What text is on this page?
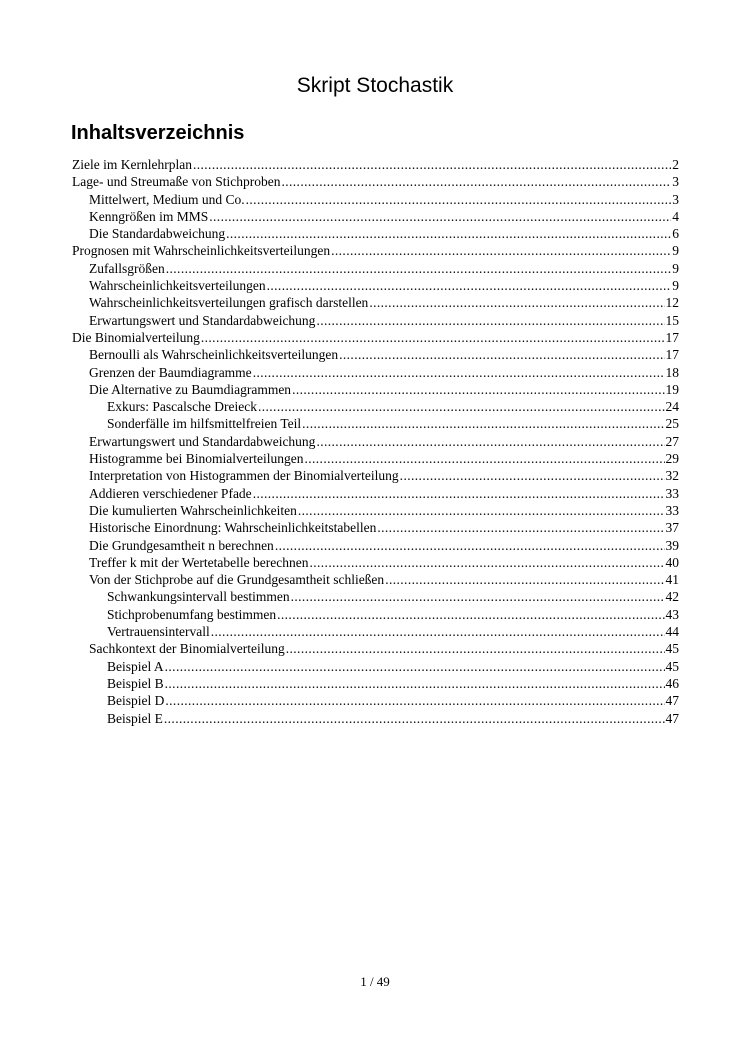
Skript Stochastik
Inhaltsverzeichnis
Ziele im Kernlehrplan .....	2
Lage- und Streumaße von Stichproben .....	3
Mittelwert, Medium und Co. .....	3
Kenngrößen im MMS .....	4
Die Standardabweichung .....	6
Prognosen mit Wahrscheinlichkeitsverteilungen .....	9
Zufallsgrößen .....	9
Wahrscheinlichkeitsverteilungen .....	9
Wahrscheinlichkeitsverteilungen grafisch darstellen .....	12
Erwartungswert und Standardabweichung .....	15
Die Binomialverteilung .....	17
Bernoulli als Wahrscheinlichkeitsverteilungen .....	17
Grenzen der Baumdiagramme .....	18
Die Alternative zu Baumdiagrammen .....	19
Exkurs: Pascalsche Dreieck .....	24
Sonderfälle im hilfsmittelfreien Teil .....	25
Erwartungswert und Standardabweichung .....	27
Histogramme bei Binomialverteilungen .....	29
Interpretation von Histogrammen der Binomialverteilung .....	32
Addieren verschiedener Pfade .....	33
Die kumulierten Wahrscheinlichkeiten .....	33
Historische Einordnung: Wahrscheinlichkeitstabellen .....	37
Die Grundgesamtheit n berechnen .....	39
Treffer k mit der Wertetabelle berechnen .....	40
Von der Stichprobe auf die Grundgesamtheit schließen .....	41
Schwankungsintervall bestimmen .....	42
Stichprobenumfang bestimmen .....	43
Vertrauensintervall .....	44
Sachkontext der Binomialverteilung .....	45
Beispiel A .....	45
Beispiel B .....	46
Beispiel D .....	47
Beispiel E .....	47
1 / 49
